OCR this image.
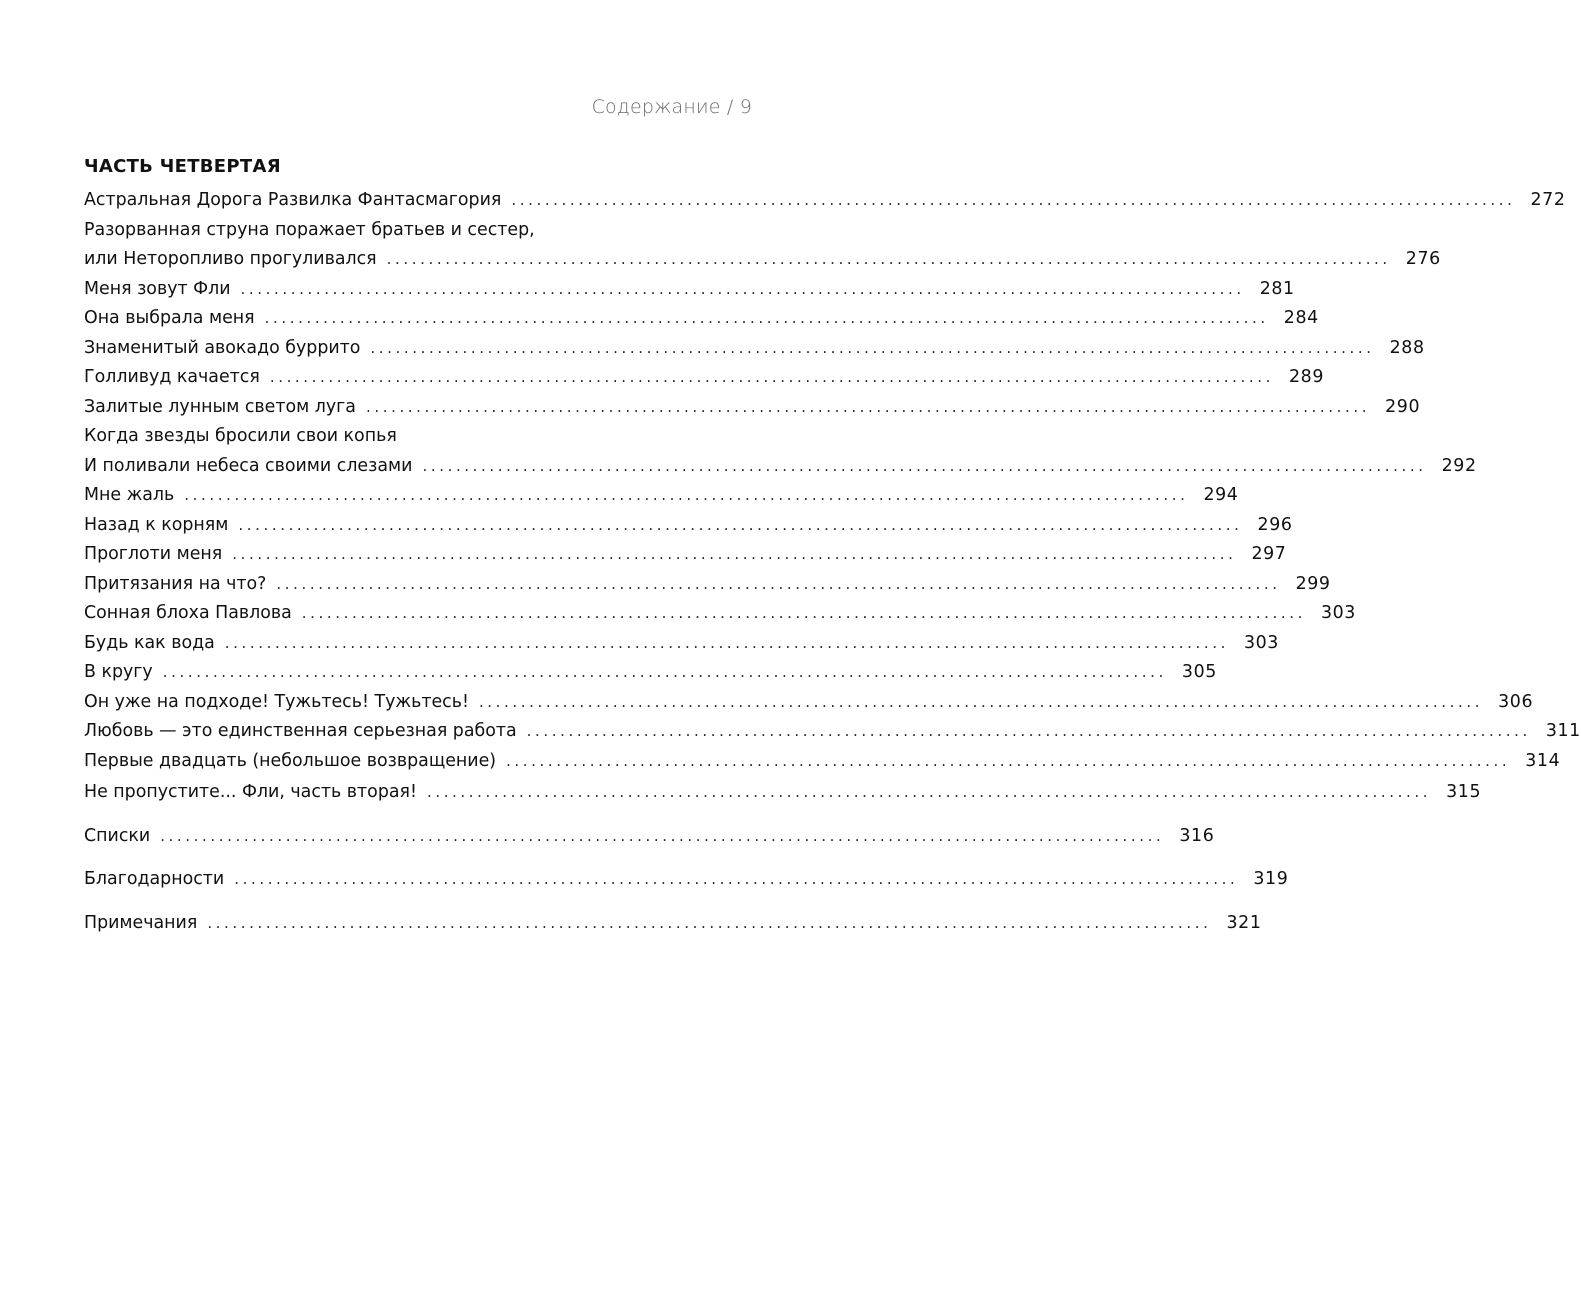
Содержание / 9
ЧАСТЬ ЧЕТВЕРТАЯ
Астральная Дорога Развилка Фантасмагория ........................................................................................................................ 272
Разорванная струна поражает братьев и сестер,
или Неторопливо прогуливался ........................................................................................................................ 276
Меня зовут Фли ........................................................................................................................ 281
Она выбрала меня ........................................................................................................................ 284
Знаменитый авокадо буррито ........................................................................................................................ 288
Голливуд качается ........................................................................................................................ 289
Залитые лунным светом луга ........................................................................................................................ 290
Когда звезды бросили свои копья
И поливали небеса своими слезами ........................................................................................................................ 292
Мне жаль ........................................................................................................................ 294
Назад к корням ........................................................................................................................ 296
Проглоти меня ........................................................................................................................ 297
Притязания на что? ........................................................................................................................ 299
Сонная блоха Павлова ........................................................................................................................ 303
Будь как вода ........................................................................................................................ 303
В кругу ........................................................................................................................ 305
Он уже на подходе! Тужьтесь! Тужьтесь! ........................................................................................................................ 306
Любовь — это единственная серьезная работа ........................................................................................................................ 311
Первые двадцать (небольшое возвращение) ........................................................................................................................ 314
Не пропустите... Фли, часть вторая! ........................................................................................................................ 315
Списки ........................................................................................................................ 316
Благодарности ........................................................................................................................ 319
Примечания ........................................................................................................................ 321
